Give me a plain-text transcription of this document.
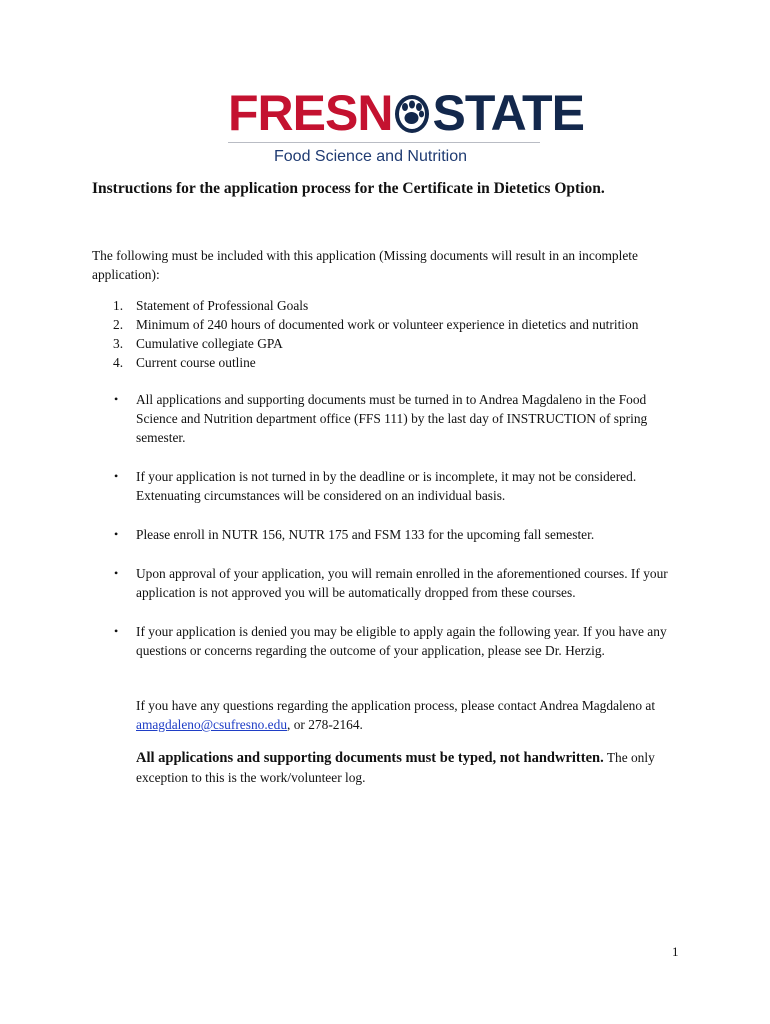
FRESN STATE
Food Science and Nutrition
Instructions for the application process for the Certificate in Dietetics Option.
The following must be included with this application (Missing documents will result in an incomplete application):
1. Statement of Professional Goals
2. Minimum of 240 hours of documented work or volunteer experience in dietetics and nutrition
3. Cumulative collegiate GPA
4. Current course outline
•	All applications and supporting documents must be turned in to Andrea Magdaleno in the Food Science and Nutrition department office (FFS 111) by the last day of INSTRUCTION of spring semester.
•	If your application is not turned in by the deadline or is incomplete, it may not be considered. Extenuating circumstances will be considered on an individual basis.
•	Please enroll in NUTR 156, NUTR 175 and FSM 133 for the upcoming fall semester.
•	Upon approval of your application, you will remain enrolled in the aforementioned courses. If your application is not approved you will be automatically dropped from these courses.
•	If your application is denied you may be eligible to apply again the following year. If you have any questions or concerns regarding the outcome of your application, please see Dr. Herzig.
If you have any questions regarding the application process, please contact Andrea Magdaleno at amagdaleno@csufresno.edu, or 278-2164.
All applications and supporting documents must be typed, not handwritten. The only exception to this is the work/volunteer log.
1
